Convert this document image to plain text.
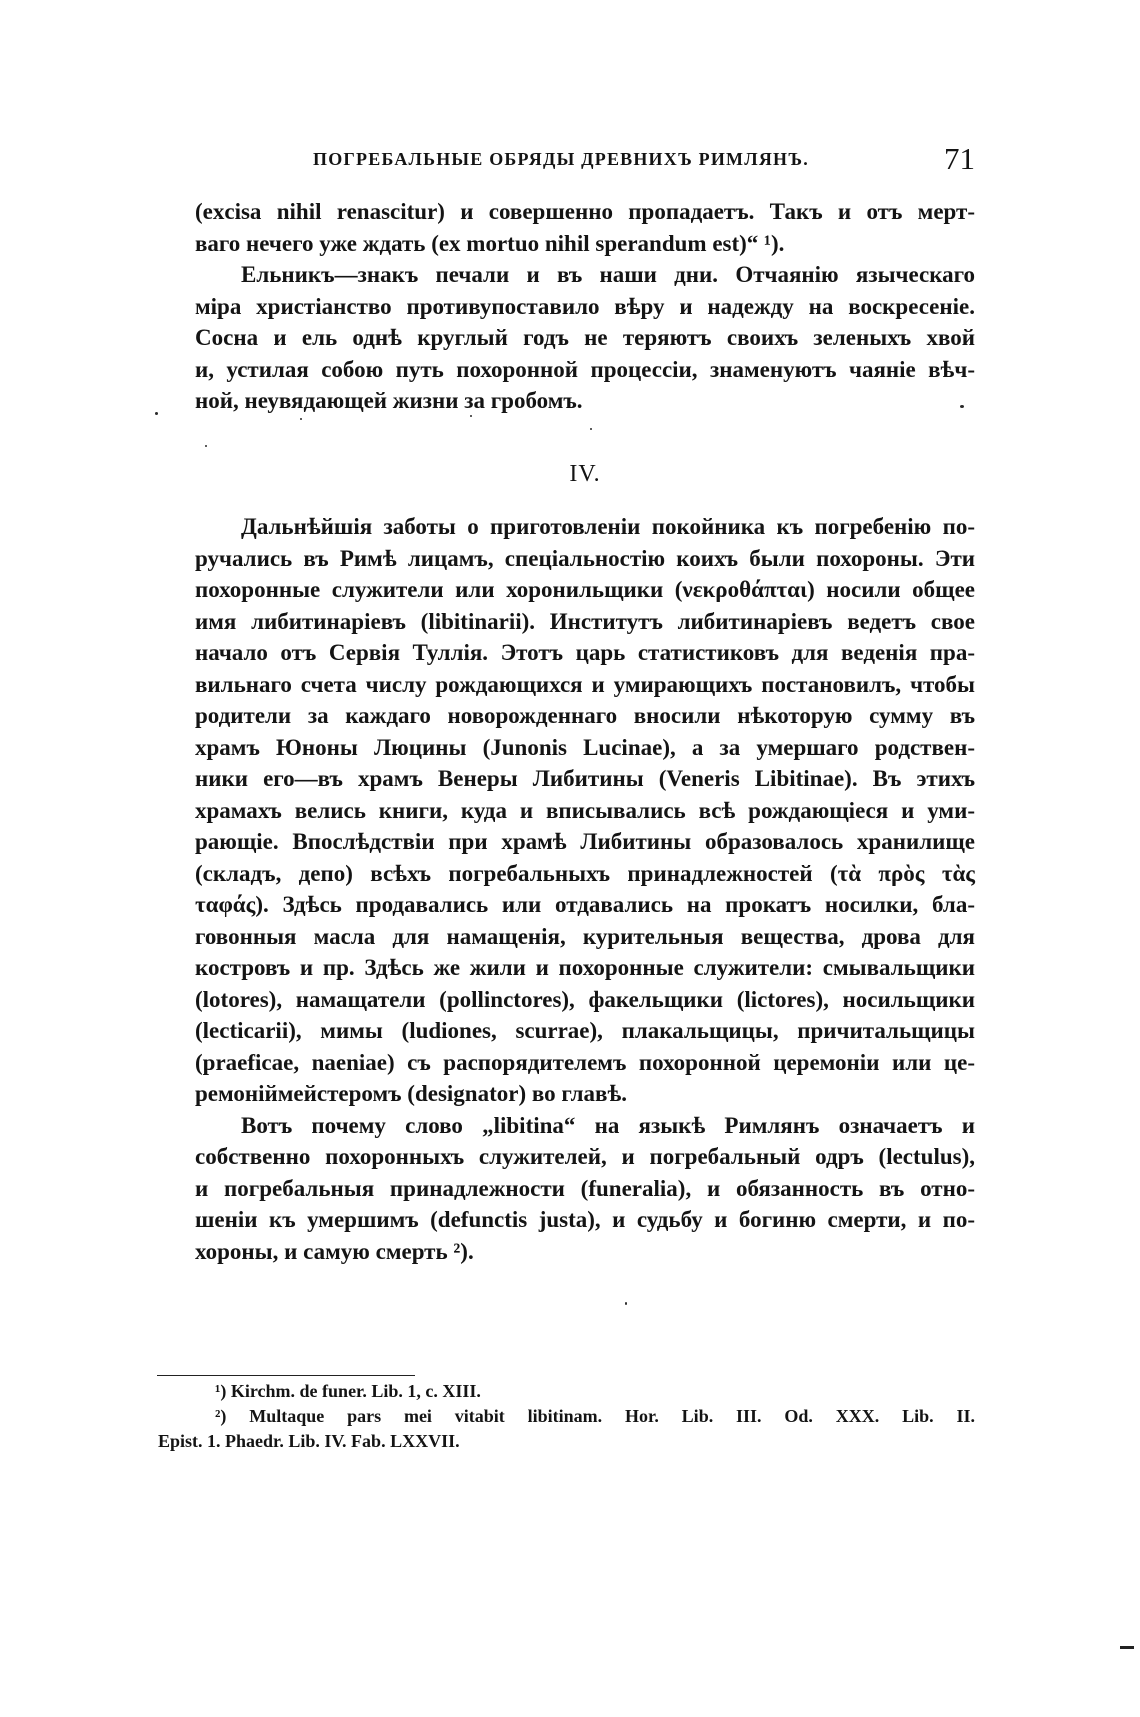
ПОГРЕБАЛЬНЫЕ ОБРЯДЫ ДРЕВНИХЪ РИМЛЯНЪ.	71
(excisa nihil renascitur) и совершенно пропадаетъ. Такъ и отъ мерт-
ваго нечего уже ждать (ex mortuo nihil sperandum est)“ ¹).
Ельникъ—знакъ печали и въ наши дни. Отчаянію языческаго
міра христіанство противупоставило вѣру и надежду на воскресеніе.
Сосна и ель однѣ круглый годъ не теряютъ своихъ зеленыхъ хвой
и, устилая собою путь похоронной процессіи, знаменуютъ чаяніе вѣч-
ной, неувядающей жизни за гробомъ.
IV.
Дальнѣйшія заботы о приготовленіи покойника къ погребенію по-
ручались въ Римѣ лицамъ, спеціальностію коихъ были похороны. Эти
похоронные служители или хоронильщики (νεκροθάπται) носили общее
имя либитинаріевъ (libitinarii). Институтъ либитинаріевъ ведетъ свое
начало отъ Сервія Туллія. Этотъ царь статистиковъ для веденія пра-
вильнаго счета числу рождающихся и умирающихъ постановилъ, чтобы
родители за каждаго новорожденнаго вносили нѣкоторую сумму въ
храмъ Юноны Люцины (Junonis Lucinae), а за умершаго родствен-
ники его—въ храмъ Венеры Либитины (Veneris Libitinae). Въ этихъ
храмахъ велись книги, куда и вписывались всѣ рождающіеся и уми-
рающіе. Впослѣдствіи при храмѣ Либитины образовалось хранилище
(складъ, депо) всѣхъ погребальныхъ принадлежностей (τὰ πρὸς τὰς
ταφάς). Здѣсь продавались или отдавались на прокатъ носилки, бла-
говонныя масла для намащенія, курительныя вещества, дрова для
костровъ и пр. Здѣсь же жили и похоронные служители: смывальщики
(lotores), намащатели (pollinctores), факельщики (lictores), носильщики
(lecticarii), мимы (ludiones, scurrae), плакальщицы, причитальщицы
(praeficae, naeniae) съ распорядителемъ похоронной церемоніи или це-
ремоніймейстеромъ (designator) во главѣ.
Вотъ почему слово „libitina“ на языкѣ Римлянъ означаетъ и
собственно похоронныхъ служителей, и погребальный одръ (lectulus),
и погребальныя принадлежности (funeralia), и обязанность въ отно-
шеніи къ умершимъ (defunctis justa), и судьбу и богиню смерти, и по-
хороны, и самую смерть ²).
¹) Kirchm. de funer. Lib. 1, c. XIII.
²) Multaque pars mei vitabit libitinam. Hor. Lib. III. Od. XXX. Lib. II.
Epist. 1. Phaedr. Lib. IV. Fab. LXXVII.
